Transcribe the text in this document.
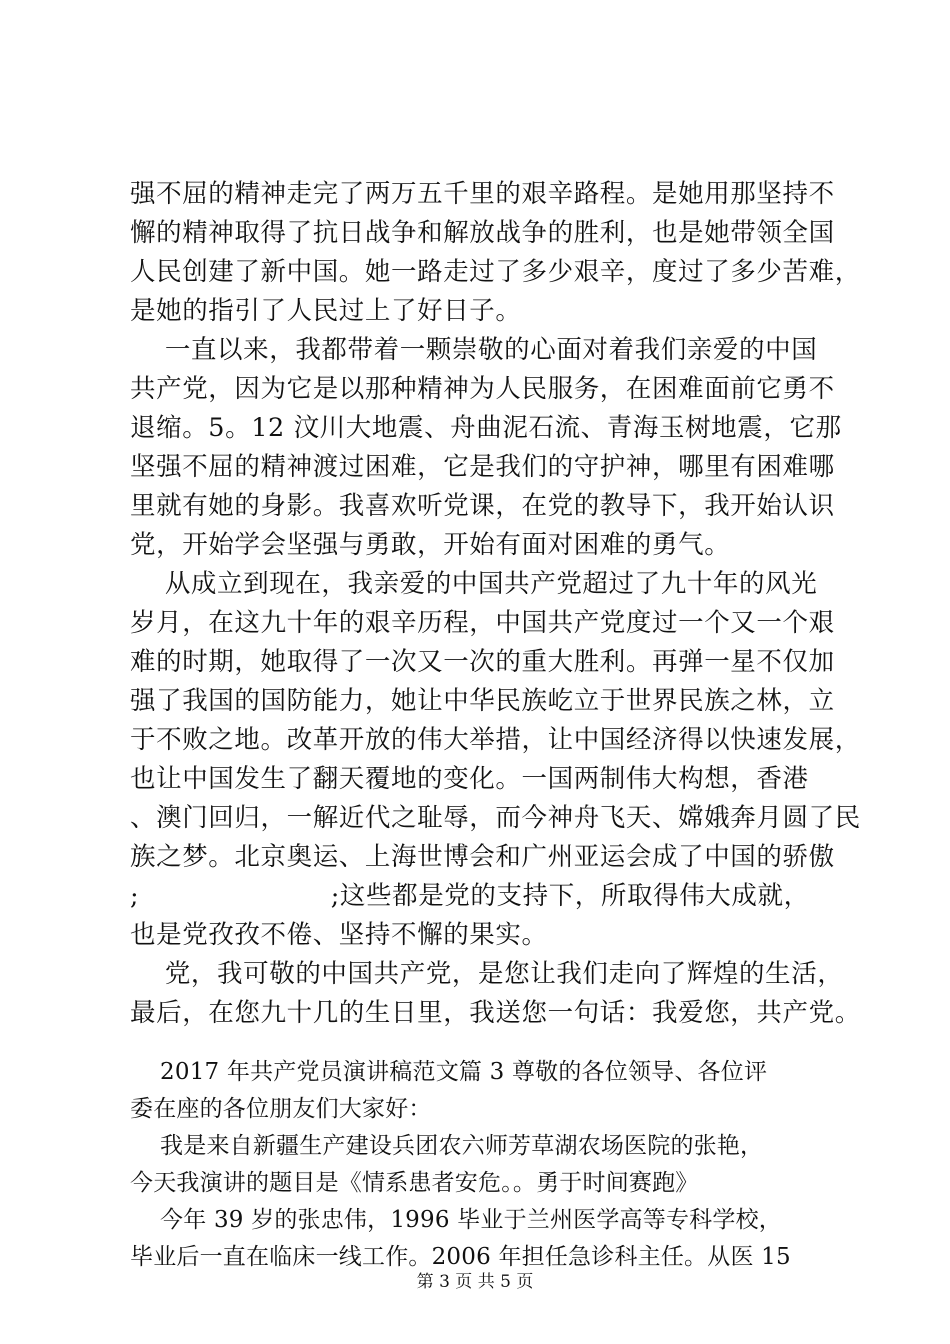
强不屈的精神走完了两万五千里的艰辛路程。是她用那坚持不
懈的精神取得了抗日战争和解放战争的胜利，也是她带领全国
人民创建了新中国。她一路走过了多少艰辛，度过了多少苦难，
是她的指引了人民过上了好日子。
一直以来，我都带着一颗崇敬的心面对着我们亲爱的中国
共产党，因为它是以那种精神为人民服务，在困难面前它勇不
退缩。5。12 汶川大地震、舟曲泥石流、青海玉树地震，它那
坚强不屈的精神渡过困难，它是我们的守护神，哪里有困难哪
里就有她的身影。我喜欢听党课，在党的教导下，我开始认识
党，开始学会坚强与勇敢，开始有面对困难的勇气。
从成立到现在，我亲爱的中国共产党超过了九十年的风光
岁月，在这九十年的艰辛历程，中国共产党度过一个又一个艰
难的时期，她取得了一次又一次的重大胜利。再弹一星不仅加
强了我国的国防能力，她让中华民族屹立于世界民族之林，立
于不败之地。改革开放的伟大举措，让中国经济得以快速发展，
也让中国发生了翻天覆地的变化。一国两制伟大构想，香港
、澳门回归，一解近代之耻辱，而今神舟飞天、嫦娥奔月圆了民
族之梦。北京奥运、上海世博会和广州亚运会成了中国的骄傲
;                      ;这些都是党的支持下，所取得伟大成就，
也是党孜孜不倦、坚持不懈的果实。
党，我可敬的中国共产党，是您让我们走向了辉煌的生活，
最后，在您九十几的生日里，我送您一句话：我爱您，共产党。
2017 年共产党员演讲稿范文篇 3 尊敬的各位领导、各位评
委在座的各位朋友们大家好：
我是来自新疆生产建设兵团农六师芳草湖农场医院的张艳，
今天我演讲的题目是《情系患者安危。。勇于时间赛跑》
今年 39 岁的张忠伟，1996 毕业于兰州医学高等专科学校，
毕业后一直在临床一线工作。2006 年担任急诊科主任。从医 15
第 3 页 共 5 页
